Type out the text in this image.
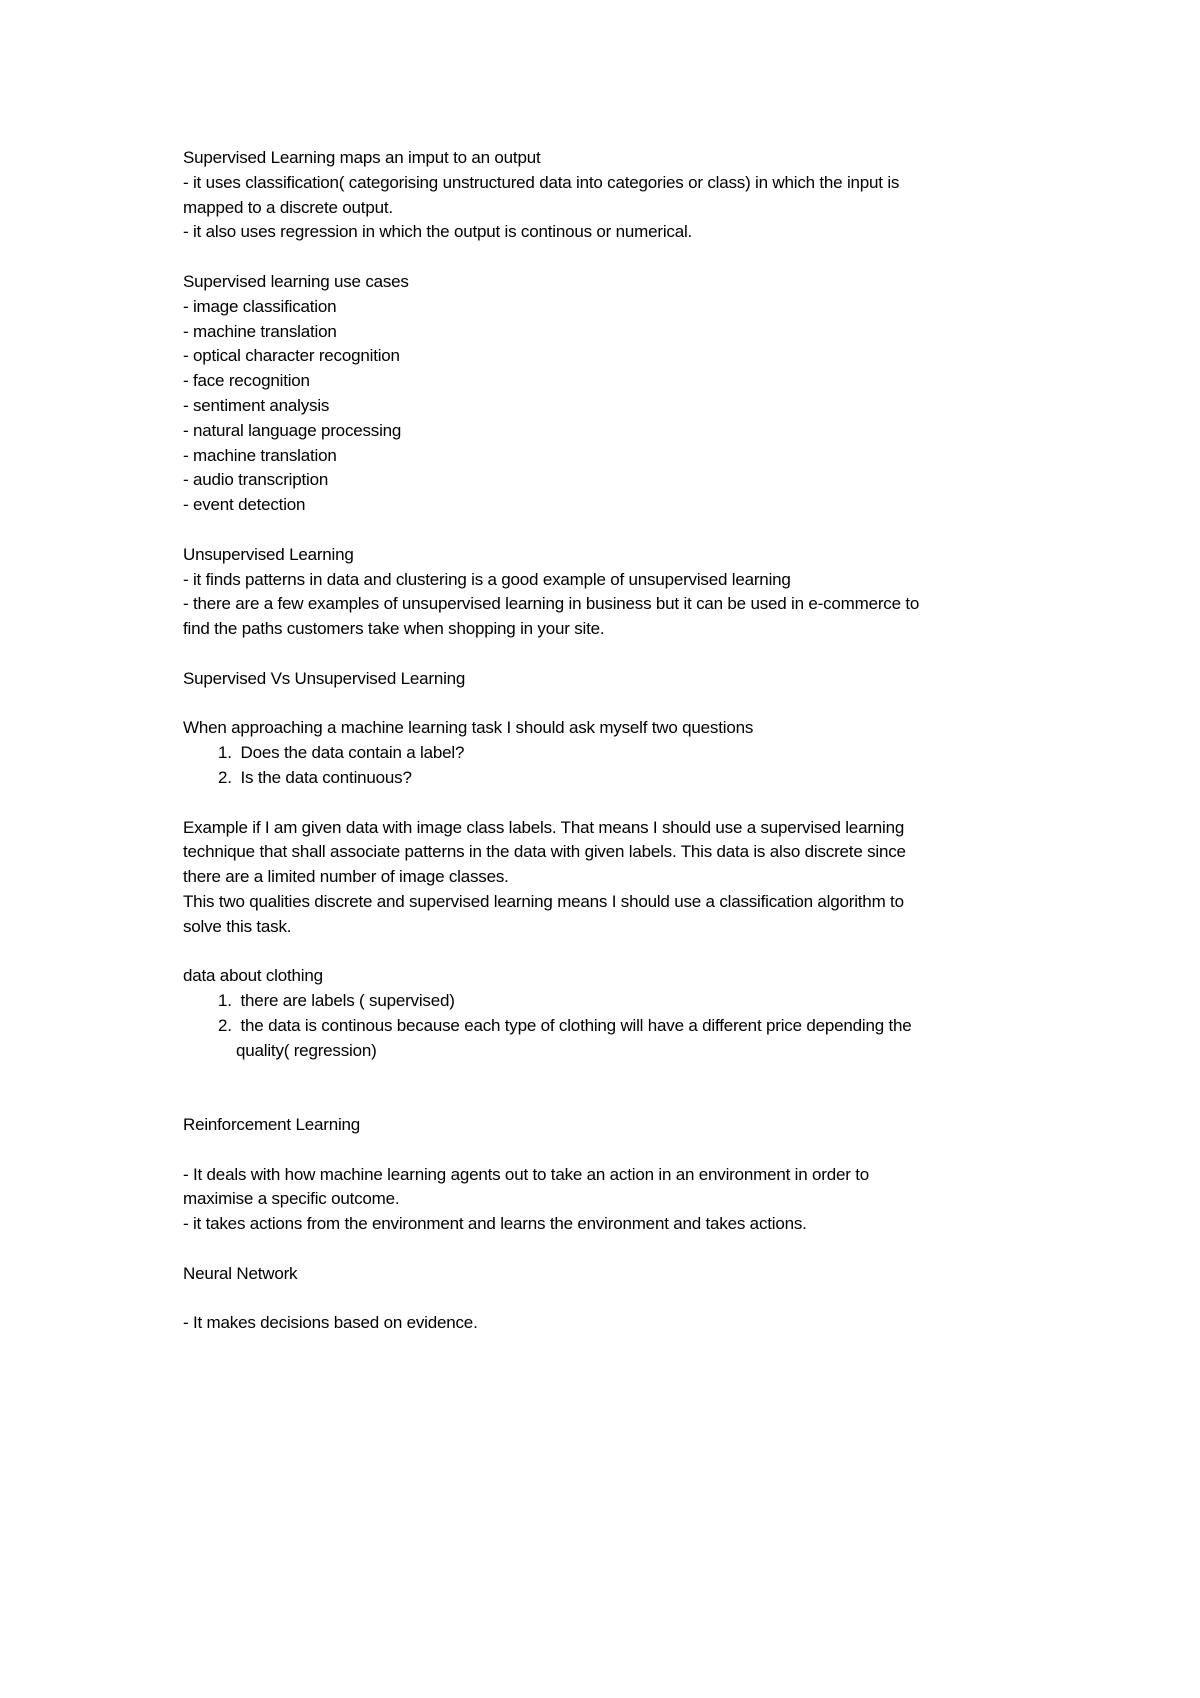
Supervised Learning maps an imput to an output

- it uses classification( categorising unstructured data into categories or class) in which the input is

mapped to a discrete output.

- it also uses regression in which the output is continous or numerical.

Supervised learning use cases

- image classification

- machine translation

- optical character recognition

- face recognition

- sentiment analysis

- natural language processing

- machine translation

- audio transcription

- event detection

Unsupervised Learning

- it finds patterns in data and clustering is a good example of unsupervised learning

- there are a few examples of unsupervised learning in business but it can be used in e-commerce to

find the paths customers take when shopping in your site.

Supervised Vs Unsupervised Learning

When approaching a machine learning task I should ask myself two questions

1. Does the data contain a label?

2. Is the data continuous?

Example if I am given data with image class labels. That means I should use a supervised learning

technique that shall associate patterns in the data with given labels. This data is also discrete since

there are a limited number of image classes.

This two qualities discrete and supervised learning means I should use a classification algorithm to

solve this task.

data about clothing

1. there are labels ( supervised)

2. the data is continous because each type of clothing will have a different price depending the

quality( regression)

Reinforcement Learning

- It deals with how machine learning agents out to take an action in an environment in order to

maximise a specific outcome.

- it takes actions from the environment and learns the environment and takes actions.

Neural Network

- It makes decisions based on evidence.
